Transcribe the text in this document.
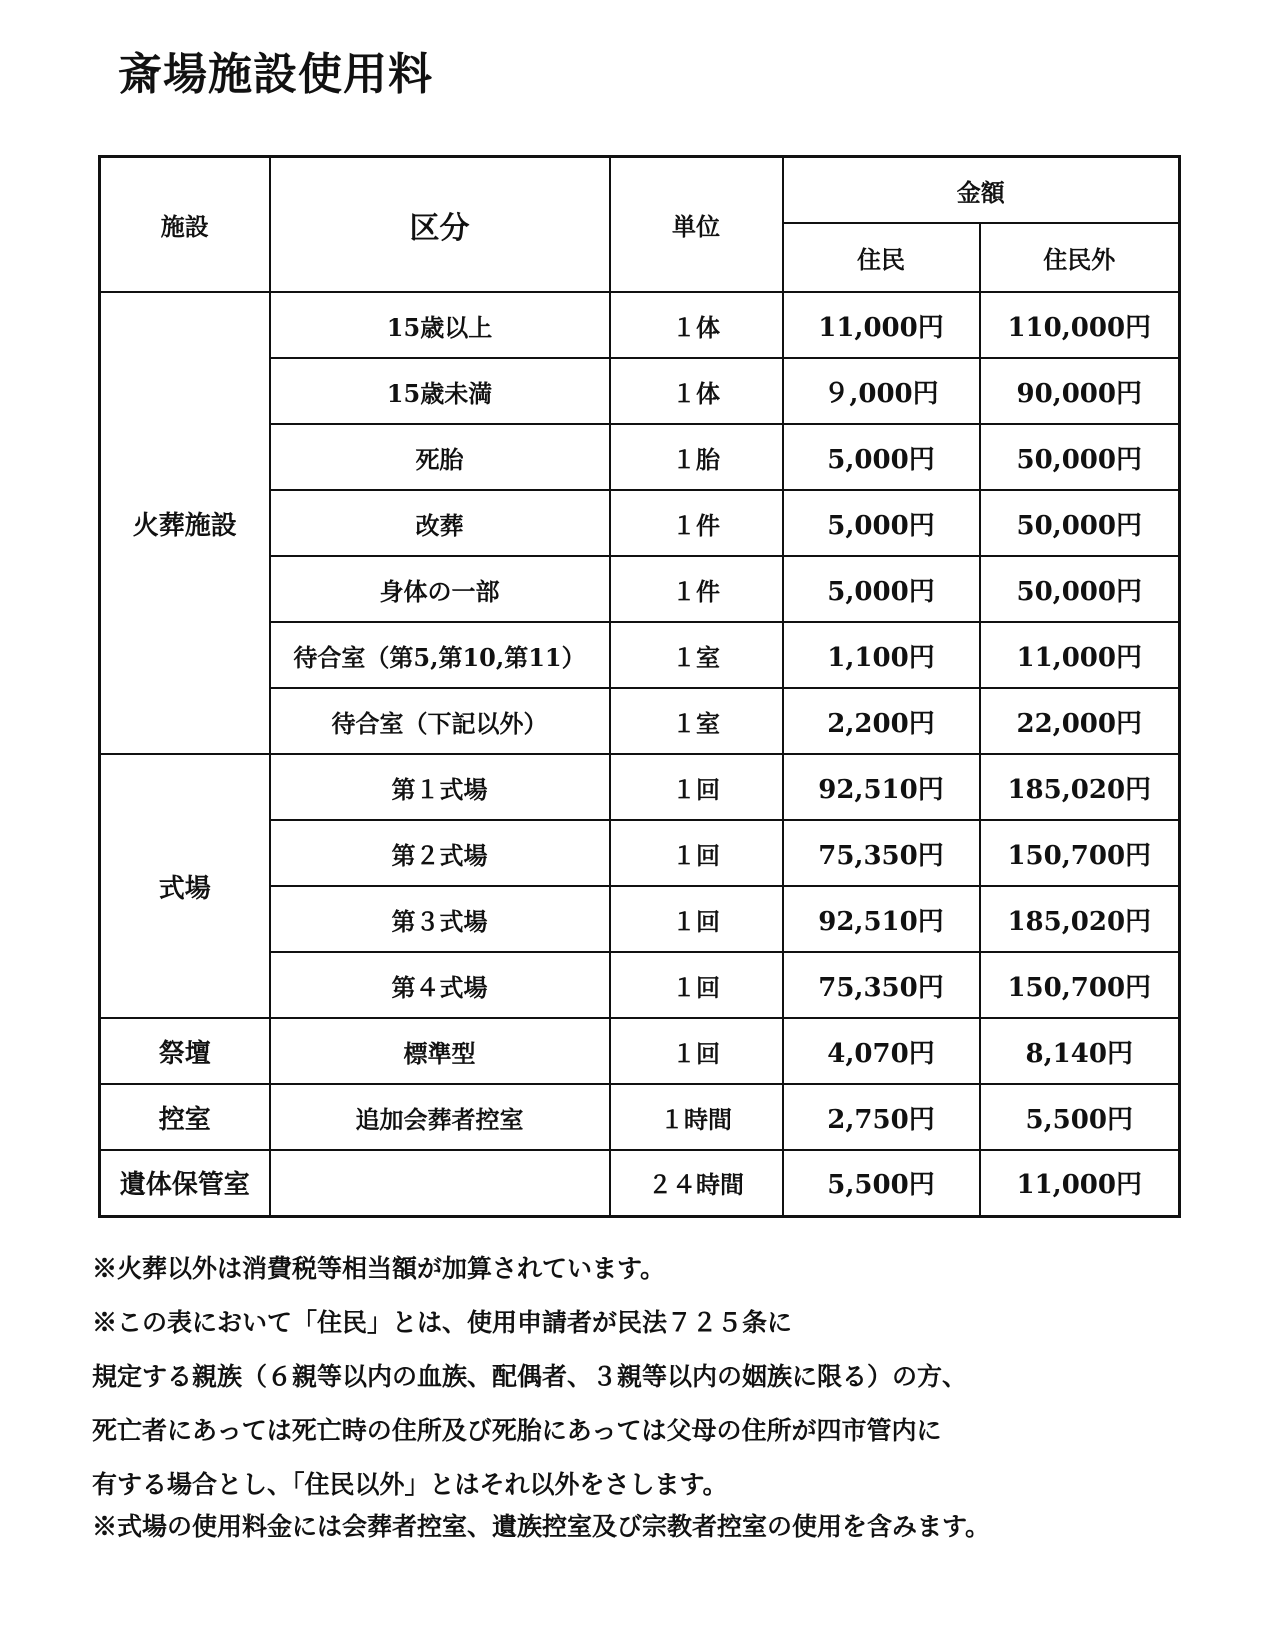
斎場施設使用料
施設	区分	単位	金額	
			住民	住民外
火葬施設	15歳以上	１体	11,000円	110,000円
	15歳未満	１体	９,000円	90,000円
	死胎	１胎	5,000円	50,000円
	改葬	１件	5,000円	50,000円
	身体の一部	１件	5,000円	50,000円
	待合室（第5,第10,第11）	１室	1,100円	11,000円
	待合室（下記以外）	１室	2,200円	22,000円
式場	第１式場	１回	92,510円	185,020円
	第２式場	１回	75,350円	150,700円
	第３式場	１回	92,510円	185,020円
	第４式場	１回	75,350円	150,700円
祭壇	標準型	１回	4,070円	8,140円
控室	追加会葬者控室	１時間	2,750円	5,500円
遺体保管室		２４時間	5,500円	11,000円

※火葬以外は消費税等相当額が加算されています。

※この表において「住民」とは、使用申請者が民法７２５条に

規定する親族（６親等以内の血族、配偶者、３親等以内の姻族に限る）の方、

死亡者にあっては死亡時の住所及び死胎にあっては父母の住所が四市管内に

有する場合とし、「住民以外」とはそれ以外をさします。

※式場の使用料金には会葬者控室、遺族控室及び宗教者控室の使用を含みます。
